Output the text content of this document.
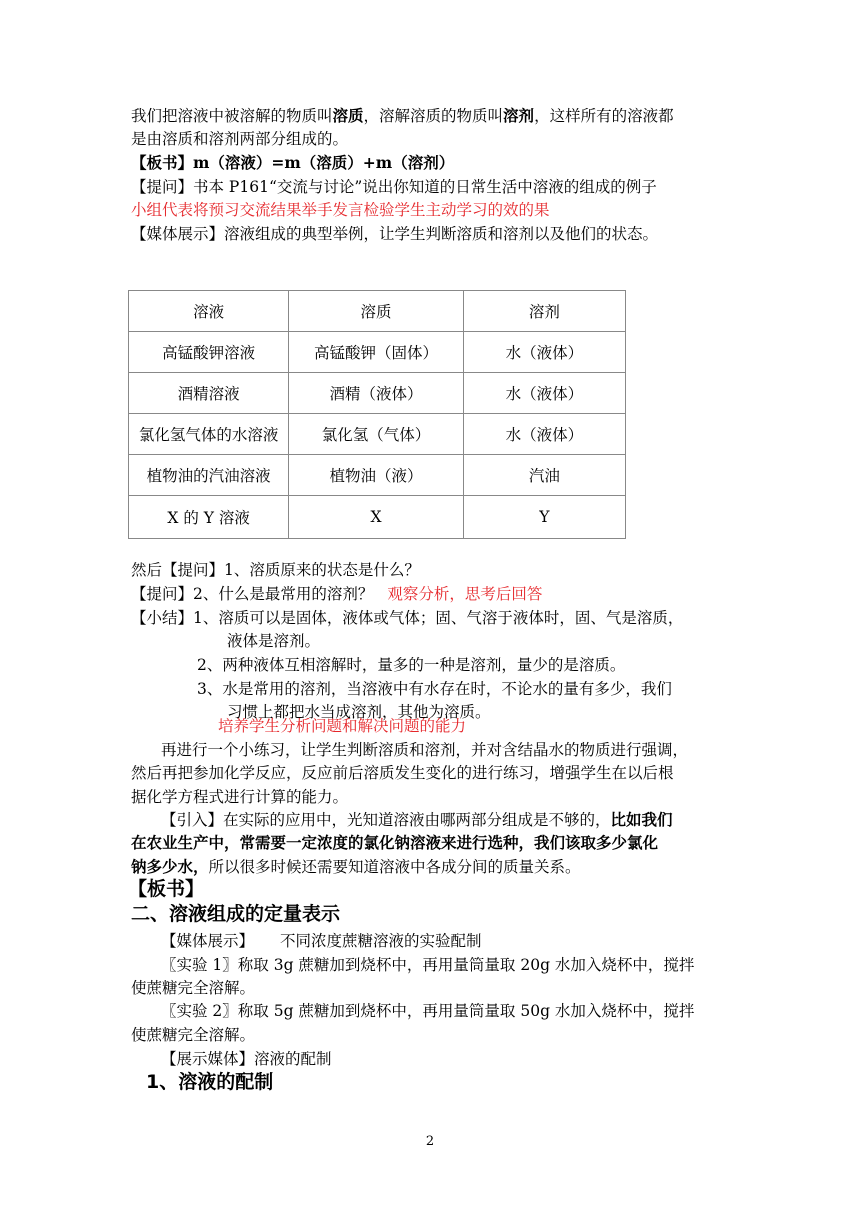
我们把溶液中被溶解的物质叫溶质，溶解溶质的物质叫溶剂，这样所有的溶液都
是由溶质和溶剂两部分组成的。
【板书】m（溶液）=m（溶质）+m（溶剂）
【提问】书本 P161“交流与讨论”说出你知道的日常生活中溶液的组成的例子
小组代表将预习交流结果举手发言检验学生主动学习的效的果
【媒体展示】溶液组成的典型举例，让学生判断溶质和溶剂以及他们的状态。
溶液	溶质	溶剂
高锰酸钾溶液	高锰酸钾（固体）	水（液体）
酒精溶液	酒精（液体）	水（液体）
氯化氢气体的水溶液	氯化氢（气体）	水（液体）
植物油的汽油溶液	植物油（液）	汽油
X 的 Y 溶液	X	Y
然后【提问】1、溶质原来的状态是什么？
【提问】2、什么是最常用的溶剂？ 观察分析，思考后回答
【小结】1、溶质可以是固体，液体或气体；固、气溶于液体时，固、气是溶质，
液体是溶剂。
2、两种液体互相溶解时，量多的一种是溶剂，量少的是溶质。
3、水是常用的溶剂，当溶液中有水存在时，不论水的量有多少，我们
习惯上都把水当成溶剂，其他为溶质。
培养学生分析问题和解决问题的能力
再进行一个小练习，让学生判断溶质和溶剂，并对含结晶水的物质进行强调，
然后再把参加化学反应，反应前后溶质发生变化的进行练习，增强学生在以后根
据化学方程式进行计算的能力。
【引入】在实际的应用中，光知道溶液由哪两部分组成是不够的，比如我们
在农业生产中，常需要一定浓度的氯化钠溶液来进行选种，我们该取多少氯化
钠多少水，所以很多时候还需要知道溶液中各成分间的质量关系。
【板书】
二、溶液组成的定量表示
【媒体展示】 不同浓度蔗糖溶液的实验配制
〖实验 1〗称取 3g 蔗糖加到烧杯中，再用量筒量取 20g 水加入烧杯中，搅拌
使蔗糖完全溶解。
〖实验 2〗称取 5g 蔗糖加到烧杯中，再用量筒量取 50g 水加入烧杯中，搅拌
使蔗糖完全溶解。
【展示媒体】溶液的配制
1、溶液的配制
2
